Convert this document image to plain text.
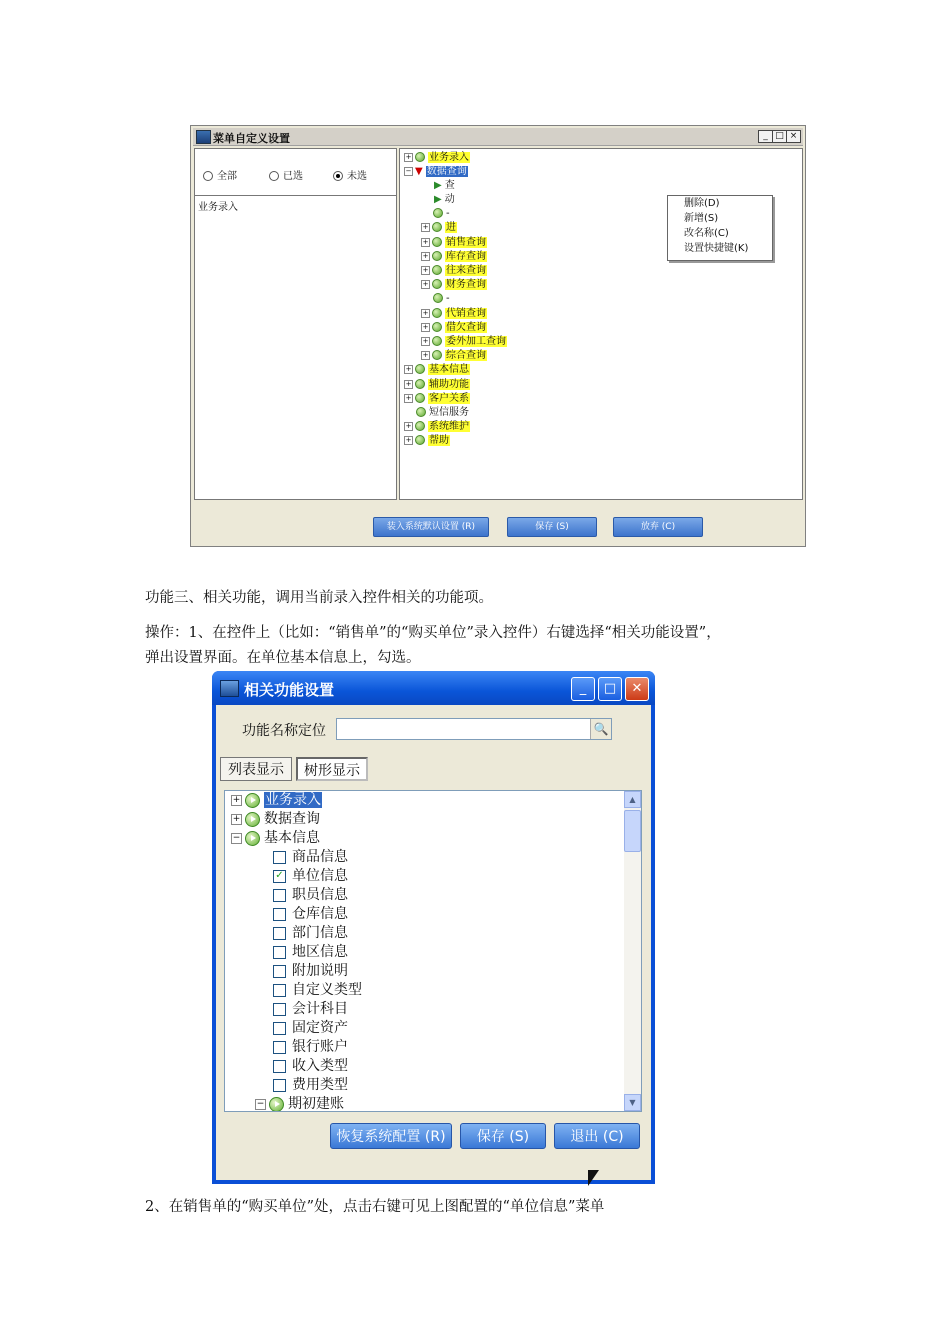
菜单自定义设置	_ □ ×
全部	已选	未选
业务录入
+ 业务录入
− ▼ 数据查询
▶ 查
▶ 动
-
+ 进
+ 销售查询
+ 库存查询
+ 往来查询
+ 财务查询
-
+ 代销查询
+ 借欠查询
+ 委外加工查询
+ 综合查询
+ 基本信息
+ 辅助功能
+ 客户关系
短信服务
+ 系统维护
+ 帮助
删除(D)
新增(S)
改名称(C)
设置快捷键(K)
装入系统默认设置 (R)	保存 (S)	放弃 (C)
功能三、相关功能，调用当前录入控件相关的功能项。
操作：1、在控件上（比如：“销售单”的“购买单位”录入控件）右键选择“相关功能设置”，
弹出设置界面。在单位基本信息上，勾选。
2、在销售单的“购买单位”处，点击右键可见上图配置的“单位信息”菜单
相关功能设置	_	□	✕
功能名称定位	🔍
列表显示	树形显示
+ 业务录入
+ 数据查询
− 基本信息
商品信息
✓ 单位信息
职员信息
仓库信息
部门信息
地区信息
附加说明
自定义类型
会计科目
固定资产
银行账户
收入类型
费用类型
− 期初建账
▲
▼
恢复系统配置 (R)	保存 (S)	退出 (C)
